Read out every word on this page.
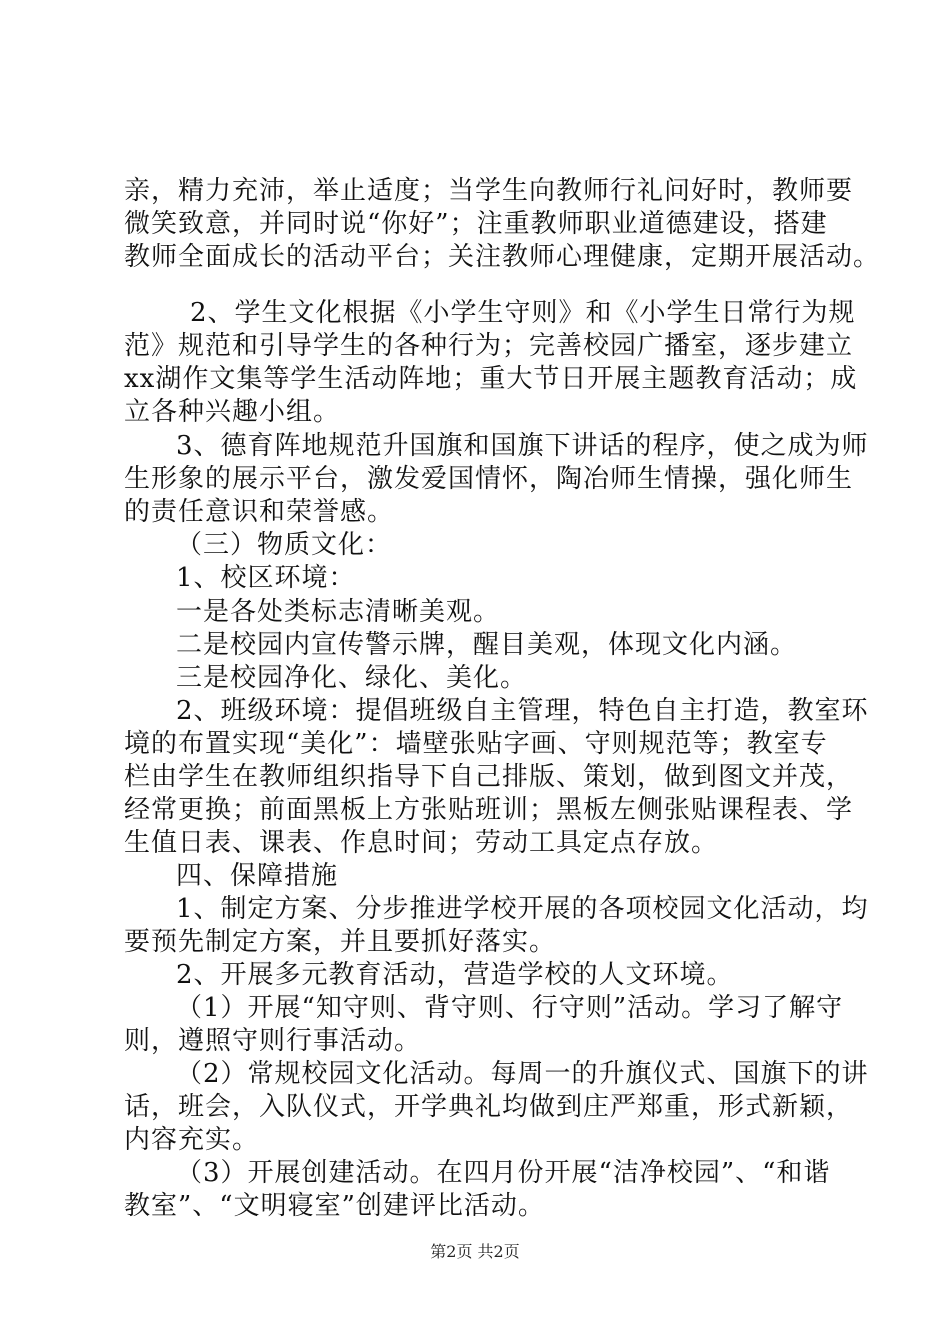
亲，精力充沛，举止适度；当学生向教师行礼问好时，教师要
微笑致意，并同时说“你好”；注重教师职业道德建设，搭建
教师全面成长的活动平台；关注教师心理健康，定期开展活动。
2、学生文化根据《小学生守则》和《小学生日常行为规
范》规范和引导学生的各种行为；完善校园广播室，逐步建立
xx湖作文集等学生活动阵地；重大节日开展主题教育活动；成
立各种兴趣小组。
3、德育阵地规范升国旗和国旗下讲话的程序，使之成为师
生形象的展示平台，激发爱国情怀，陶冶师生情操，强化师生
的责任意识和荣誉感。
（三）物质文化：
1、校区环境：
一是各处类标志清晰美观。
二是校园内宣传警示牌，醒目美观，体现文化内涵。
三是校园净化、绿化、美化。
2、班级环境：提倡班级自主管理，特色自主打造，教室环
境的布置实现“美化”：墙壁张贴字画、守则规范等；教室专
栏由学生在教师组织指导下自己排版、策划，做到图文并茂，
经常更换；前面黑板上方张贴班训；黑板左侧张贴课程表、学
生值日表、课表、作息时间；劳动工具定点存放。
四、保障措施
1、制定方案、分步推进学校开展的各项校园文化活动，均
要预先制定方案，并且要抓好落实。
2、开展多元教育活动，营造学校的人文环境。
（1）开展“知守则、背守则、行守则”活动。学习了解守
则，遵照守则行事活动。
（2）常规校园文化活动。每周一的升旗仪式、国旗下的讲
话，班会，入队仪式，开学典礼均做到庄严郑重，形式新颖，
内容充实。
（3）开展创建活动。在四月份开展“洁净校园”、“和谐
教室”、“文明寝室”创建评比活动。
第2页 共2页
